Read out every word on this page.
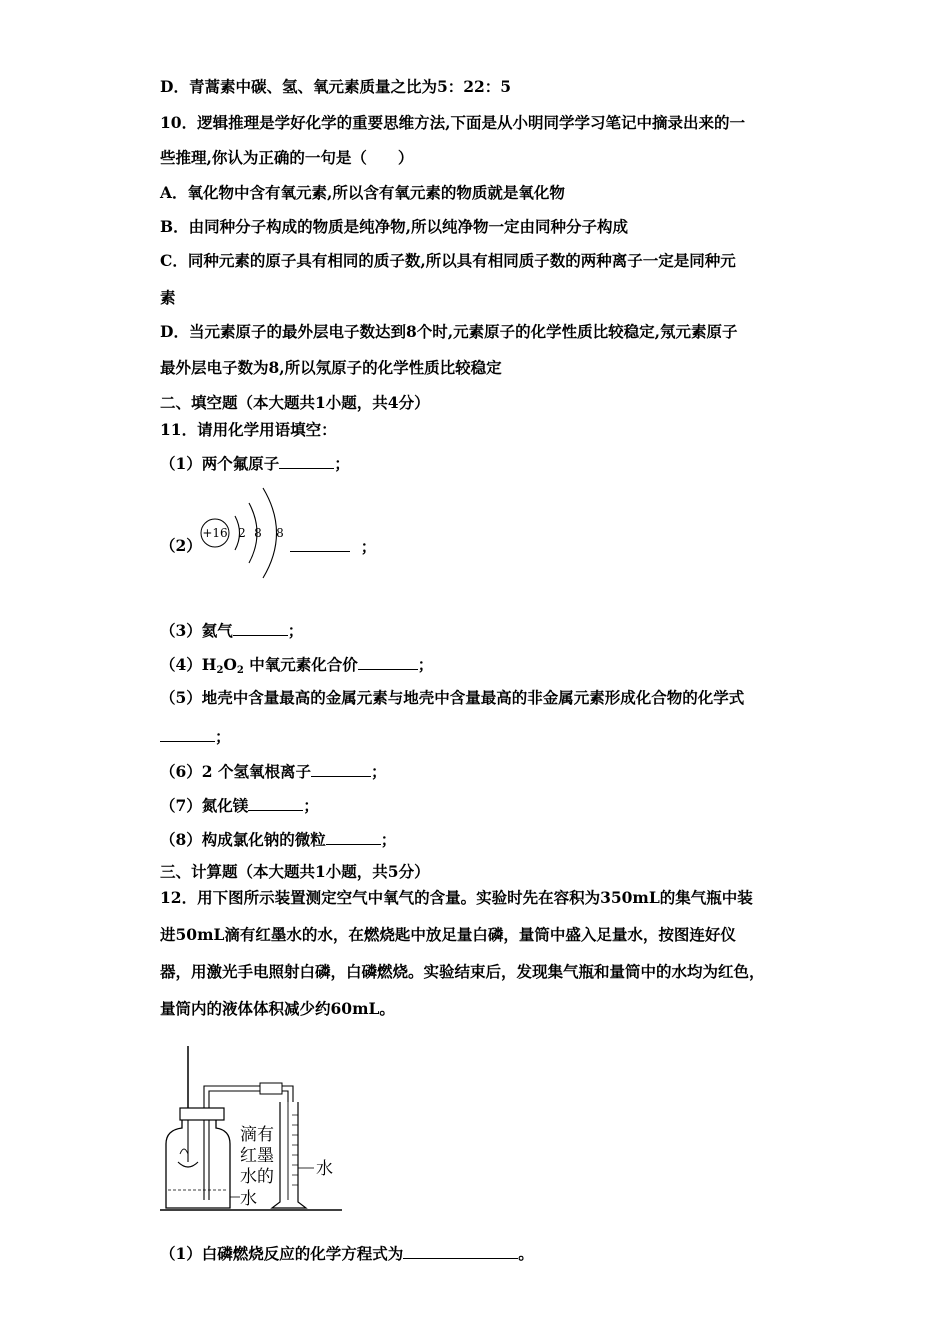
D．青蒿素中碳、氢、氧元素质量之比为5：22：5
10．逻辑推理是学好化学的重要思维方法,下面是从小明同学学习笔记中摘录出来的一
些推理,你认为正确的一句是（　　）
A．氧化物中含有氧元素,所以含有氧元素的物质就是氧化物
B．由同种分子构成的物质是纯净物,所以纯净物一定由同种分子构成
C．同种元素的原子具有相同的质子数,所以具有相同质子数的两种离子一定是同种元
素
D．当元素原子的最外层电子数达到8个时,元素原子的化学性质比较稳定,氖元素原子
最外层电子数为8,所以氖原子的化学性质比较稳定
二、填空题（本大题共1小题，共4分）
11．请用化学用语填空：
（1）两个氟原子	；
（2）
+16 2 8 8
；
（3）氦气	；
$(4)H_2O_2$ 中氧元素化合价	；
（5）地壳中含量最高的金属元素与地壳中含量最高的非金属元素形成化合物的化学式
；
（6）2 个氢氧根离子	；
（7）氮化镁	；
（8）构成氯化钠的微粒	；
三、计算题（本大题共1小题，共5分）
12．用下图所示装置测定空气中氧气的含量。实验时先在容积为350mL的集气瓶中装
进50mL滴有红墨水的水，在燃烧匙中放足量白磷，量筒中盛入足量水，按图连好仪
器，用激光手电照射白磷，白磷燃烧。实验结束后，发现集气瓶和量筒中的水均为红色，
量筒内的液体体积减少约60mL。
滴有
红墨
水的
水
水
（1）白磷燃烧反应的化学方程式为	。
